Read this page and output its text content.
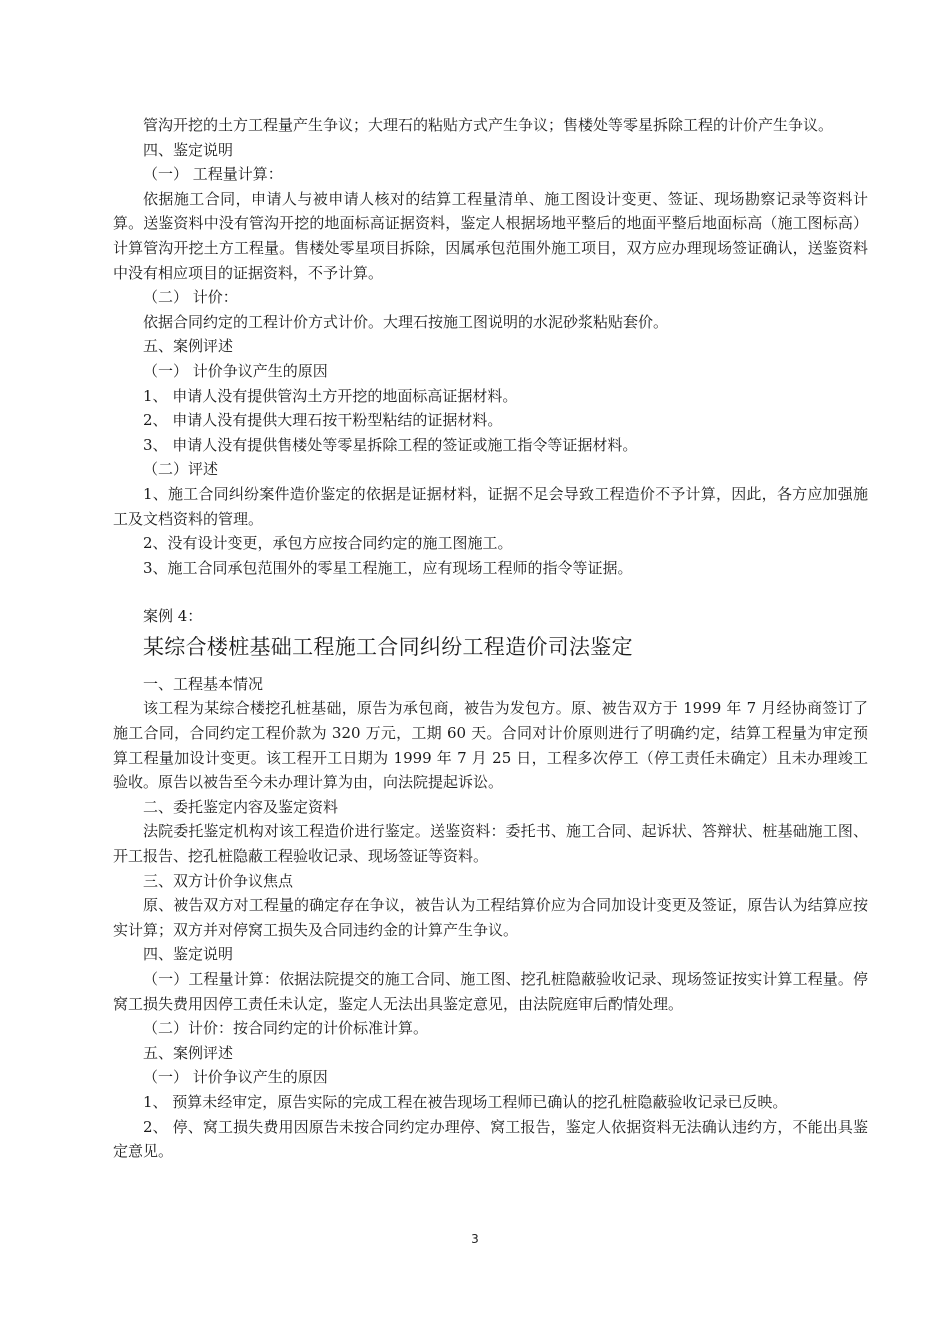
管沟开挖的土方工程量产生争议；大理石的粘贴方式产生争议；售楼处等零星拆除工程的计价产生争议。

四、鉴定说明

（一） 工程量计算：

依据施工合同，申请人与被申请人核对的结算工程量清单、施工图设计变更、签证、现场勘察记录等资料计算。送鉴资料中没有管沟开挖的地面标高证据资料，鉴定人根据场地平整后的地面平整后地面标高（施工图标高）计算管沟开挖土方工程量。售楼处零星项目拆除，因属承包范围外施工项目，双方应办理现场签证确认，送鉴资料中没有相应项目的证据资料，不予计算。

（二） 计价：

依据合同约定的工程计价方式计价。大理石按施工图说明的水泥砂浆粘贴套价。

五、案例评述

（一） 计价争议产生的原因

1、 申请人没有提供管沟土方开挖的地面标高证据材料。

2、 申请人没有提供大理石按干粉型粘结的证据材料。

3、 申请人没有提供售楼处等零星拆除工程的签证或施工指令等证据材料。

（二）评述

1、施工合同纠纷案件造价鉴定的依据是证据材料，证据不足会导致工程造价不予计算，因此，各方应加强施工及文档资料的管理。

2、没有设计变更，承包方应按合同约定的施工图施工。

3、施工合同承包范围外的零星工程施工，应有现场工程师的指令等证据。

案例 4：

某综合楼桩基础工程施工合同纠纷工程造价司法鉴定

一、工程基本情况

该工程为某综合楼挖孔桩基础，原告为承包商，被告为发包方。原、被告双方于 1999 年 7 月经协商签订了施工合同，合同约定工程价款为 320 万元，工期 60 天。合同对计价原则进行了明确约定，结算工程量为审定预算工程量加设计变更。该工程开工日期为 1999 年 7 月 25 日，工程多次停工（停工责任未确定）且未办理竣工验收。原告以被告至今未办理计算为由，向法院提起诉讼。

二、委托鉴定内容及鉴定资料

法院委托鉴定机构对该工程造价进行鉴定。送鉴资料：委托书、施工合同、起诉状、答辩状、桩基础施工图、开工报告、挖孔桩隐蔽工程验收记录、现场签证等资料。

三、双方计价争议焦点

原、被告双方对工程量的确定存在争议，被告认为工程结算价应为合同加设计变更及签证，原告认为结算应按实计算；双方并对停窝工损失及合同违约金的计算产生争议。

四、鉴定说明

（一）工程量计算：依据法院提交的施工合同、施工图、挖孔桩隐蔽验收记录、现场签证按实计算工程量。停窝工损失费用因停工责任未认定，鉴定人无法出具鉴定意见，由法院庭审后酌情处理。

（二）计价：按合同约定的计价标准计算。

五、案例评述

（一） 计价争议产生的原因

1、 预算未经审定，原告实际的完成工程在被告现场工程师已确认的挖孔桩隐蔽验收记录已反映。

2、 停、窝工损失费用因原告未按合同约定办理停、窝工报告，鉴定人依据资料无法确认违约方，不能出具鉴定意见。

3
